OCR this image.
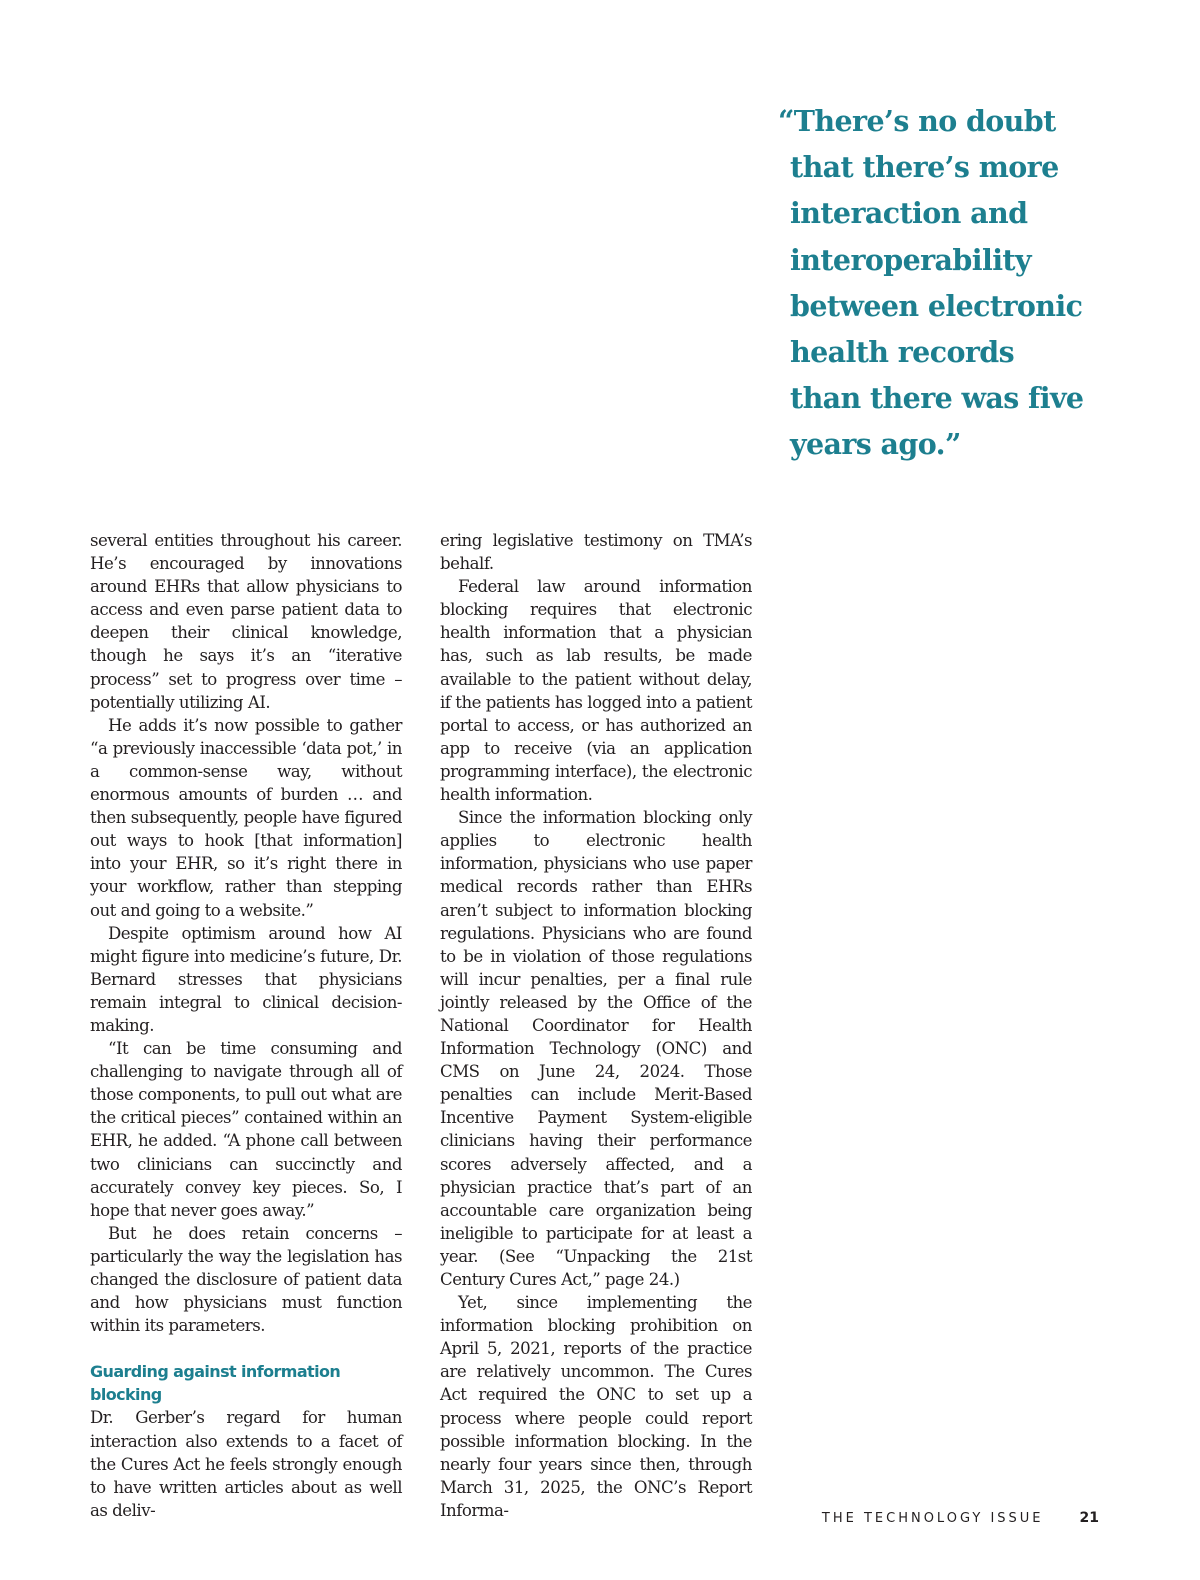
“There’s no doubt
that there’s more
interaction and
interoperability
between electronic
health records
than there was five
years ago.”

several entities throughout his career. He’s encouraged by innovations around EHRs that allow physicians to access and even parse patient data to deepen their clinical knowledge, though he says it’s an “iterative process” set to progress over time – potentially utilizing AI.

He adds it’s now possible to gather “a previously inaccessible ‘data pot,’ in a common-sense way, without enormous amounts of burden … and then subsequently, people have figured out ways to hook [that information] into your EHR, so it’s right there in your workflow, rather than stepping out and going to a website.”

Despite optimism around how AI might figure into medicine’s future, Dr. Bernard stresses that physicians remain integral to clinical decision-making.

“It can be time consuming and challenging to navigate through all of those components, to pull out what are the critical pieces” contained within an EHR, he added. “A phone call between two clinicians can succinctly and accurately convey key pieces. So, I hope that never goes away.”

But he does retain concerns – particularly the way the legislation has changed the disclosure of patient data and how physicians must function within its parameters.

Guarding against information blocking

Dr. Gerber’s regard for human interaction also extends to a facet of the Cures Act he feels strongly enough to have written articles about as well as deliv-

ering legislative testimony on TMA’s behalf.

Federal law around information blocking requires that electronic health information that a physician has, such as lab results, be made available to the patient without delay, if the patients has logged into a patient portal to access, or has authorized an app to receive (via an application programming interface), the electronic health information.

Since the information blocking only applies to electronic health information, physicians who use paper medical records rather than EHRs aren’t subject to information blocking regulations. Physicians who are found to be in violation of those regulations will incur penalties, per a final rule jointly released by the Office of the National Coordinator for Health Information Technology (ONC) and CMS on June 24, 2024. Those penalties can include Merit-Based Incentive Payment System-eligible clinicians having their performance scores adversely affected, and a physician practice that’s part of an accountable care organization being ineligible to participate for at least a year. (See “Unpacking the 21st Century Cures Act,” page 24.)

Yet, since implementing the information blocking prohibition on April 5, 2021, reports of the practice are relatively uncommon. The Cures Act required the ONC to set up a process where people could report possible information blocking. In the nearly four years since then, through March 31, 2025, the ONC’s Report Informa-	THE TECHNOLOGY ISSUE	21
